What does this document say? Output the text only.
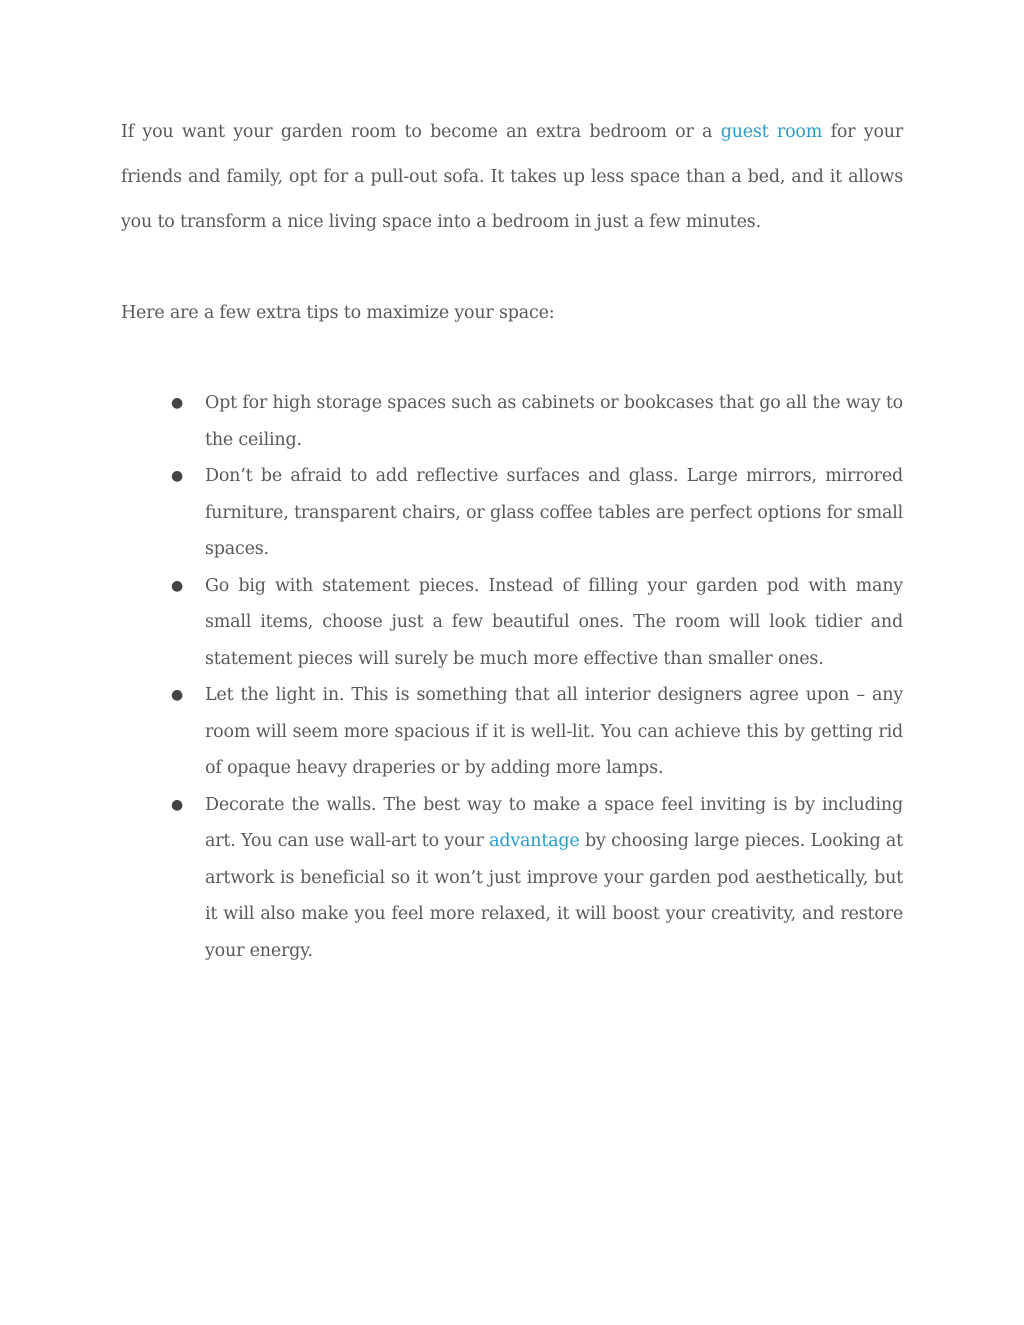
If you want your garden room to become an extra bedroom or a guest room for your friends and family, opt for a pull-out sofa. It takes up less space than a bed, and it allows you to transform a nice living space into a bedroom in just a few minutes.

Here are a few extra tips to maximize your space:

● Opt for high storage spaces such as cabinets or bookcases that go all the way to the ceiling.
● Don’t be afraid to add reflective surfaces and glass. Large mirrors, mirrored furniture, transparent chairs, or glass coffee tables are perfect options for small spaces.
● Go big with statement pieces. Instead of filling your garden pod with many small items, choose just a few beautiful ones. The room will look tidier and statement pieces will surely be much more effective than smaller ones.
● Let the light in. This is something that all interior designers agree upon – any room will seem more spacious if it is well-lit. You can achieve this by getting rid of opaque heavy draperies or by adding more lamps.
● Decorate the walls. The best way to make a space feel inviting is by including art. You can use wall-art to your advantage by choosing large pieces. Looking at artwork is beneficial so it won’t just improve your garden pod aesthetically, but it will also make you feel more relaxed, it will boost your creativity, and restore your energy.
